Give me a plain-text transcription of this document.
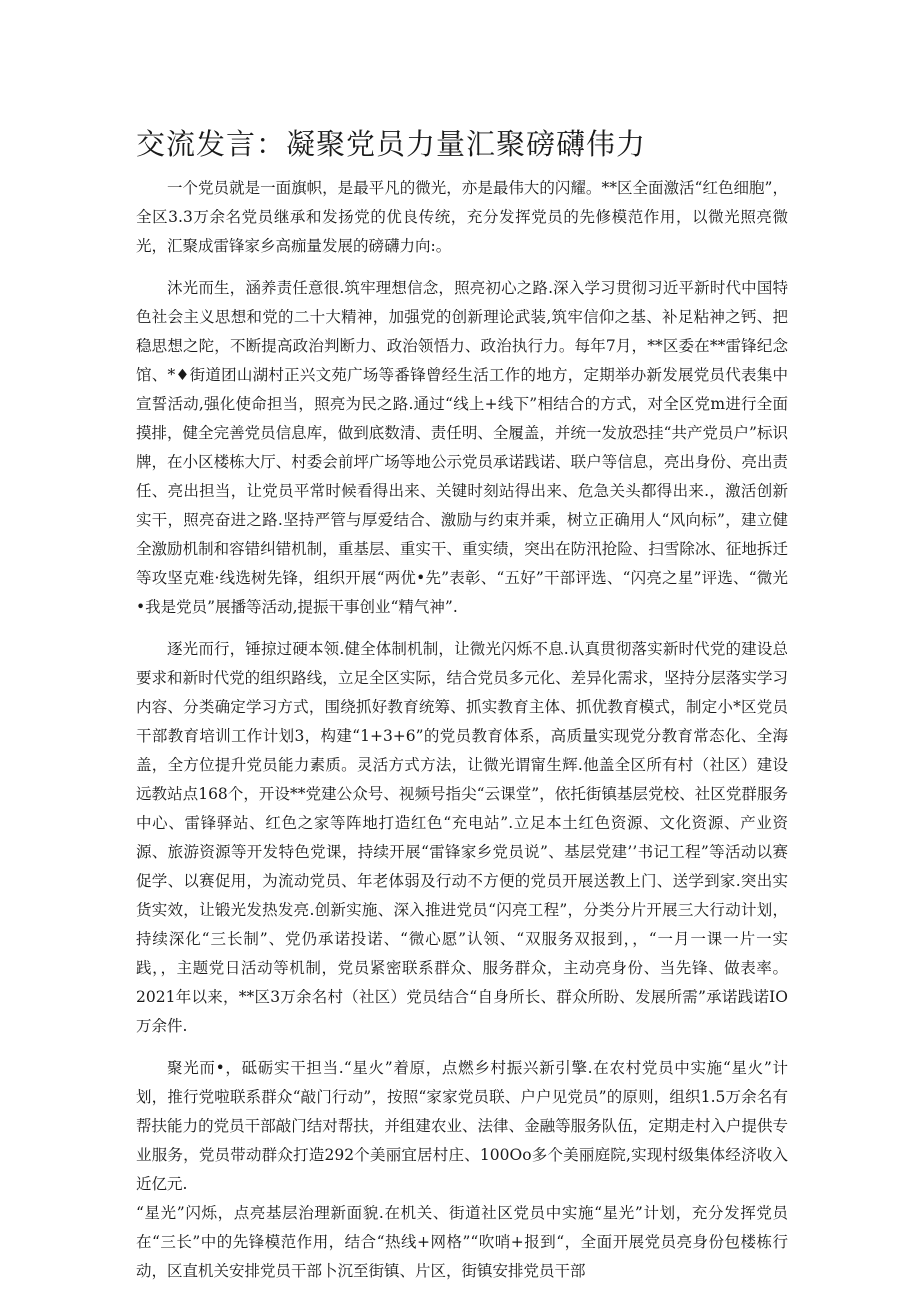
交流发言：凝聚党员力量汇聚磅礴伟力

一个党员就是一面旗帜，是最平凡的微光，亦是最伟大的闪耀。**区全面激活“红色细胞”，全区3.3万余名党员继承和发扬党的优良传统，充分发挥党员的先修模范作用，以微光照亮微光，汇聚成雷锋家乡高痂量发展的磅礴力向:。

沐光而生，涵养责任意很.筑牢理想信念，照亮初心之路.深入学习贯彻习近平新时代中国特色社会主义思想和党的二十大精神，加强党的创新理论武装,筑牢信仰之基、补足粘神之钙、把稳思想之陀，不断提高政治判断力、政治领悟力、政治执行力。每年7月，**区委在**雷锋纪念馆、*♦街道团山湖村正兴文苑广场等番锋曾经生活工作的地方，定期举办新发展党员代表集中宣誓活动,强化使命担当，照亮为民之路.通过“线上+线下”相结合的方式，对全区党m进行全面摸排，健全完善党员信息库，做到底数清、责任明、全履盖，并统一发放恐挂“共产党员户”标识牌，在小区楼栋大厅、村委会前坪广场等地公示党员承诺践诺、联户等信息，亮出身份、亮出责任、亮出担当，让党员平常时候看得出来、关键时刻站得出来、危急关头都得出来.，激活创新实干，照亮奋进之路.坚持严管与厚爱结合、激励与约束并乘，树立正确用人“风向标”，建立健全激励机制和容错纠错机制，重基层、重实干、重实绩，突出在防汛抢险、扫雪除冰、征地拆迁等攻坚克难·线选树先锋，组织开展“两优•先”表彰、“五好”干部评选、“闪亮之星”评选、“微光•我是党员”展播等活动,提振干事创业“精气神”.

逐光而行，锤掠过硬本领.健全体制机制，让微光闪烁不息.认真贯彻落实新时代党的建设总要求和新时代党的组织路线，立足全区实际，结合党员多元化、差异化需求，坚持分层落实学习内容、分类确定学习方式，围绕抓好教育统筹、抓实教育主体、抓优教育模式，制定小*区党员干部教育培训工作计划3，构建“1+3+6”的党员教育体系，高质量实现党分教育常态化、全海盖，全方位提升党员能力素质。灵活方式方法，让微光谓甯生辉.他盖全区所有村（社区）建设远教站点168个，开设**党建公众号、视频号指尖“云课堂”，依托街镇基层党校、社区党群服务中心、雷锋驿站、红色之家等阵地打造红色“充电站”.立足本土红色资源、文化资源、产业资源、旅游资源等开发特色党课，持续开展“雷锋家乡党员说”、基层党建’’书记工程”等活动以赛促学、以赛促用，为流动党员、年老体弱及行动不方便的党员开展送教上门、送学到家.突出实货实效，让锻光发热发亮.创新实施、深入推进党员“闪亮工程”，分类分片开展三大行动计划，持续深化“三长制”、党仍承诺投诺、“微心愿”认领、“双服务双报到，，“一月一课一片一实践，，主题党日活动等机制，党员紧密联系群众、服务群众，主动亮身份、当先锋、做表率。2021年以来，**区3万余名村（社区）党员结合“自身所长、群众所盼、发展所需”承诺践诺IO万余件.

聚光而•，砥砺实干担当.“星火”着原，点燃乡村振兴新引擎.在农村党员中实施“星火”计划，推行党啦联系群众“敲门行动”，按照“家家党员联、户户见党员”的原则，组织1.5万余名有帮扶能力的党员干部敲门结对帮扶，并组建农业、法律、金融等服务队伍，定期走村入户提供专业服务，党员带动群众打造292个美丽宜居村庄、100Oo多个美丽庭院,实现村级集体经济收入近亿元.

“星光”闪烁，点亮基层治理新面貌.在机关、街道社区党员中实施“星光”计划，充分发挥党员在“三长”中的先锋模范作用，结合“热线+网格”“吹哨+报到“，全面开展党员亮身份包楼栋行动，区直机关安排党员干部卜沉至街镇、片区，街镇安排党员干部
